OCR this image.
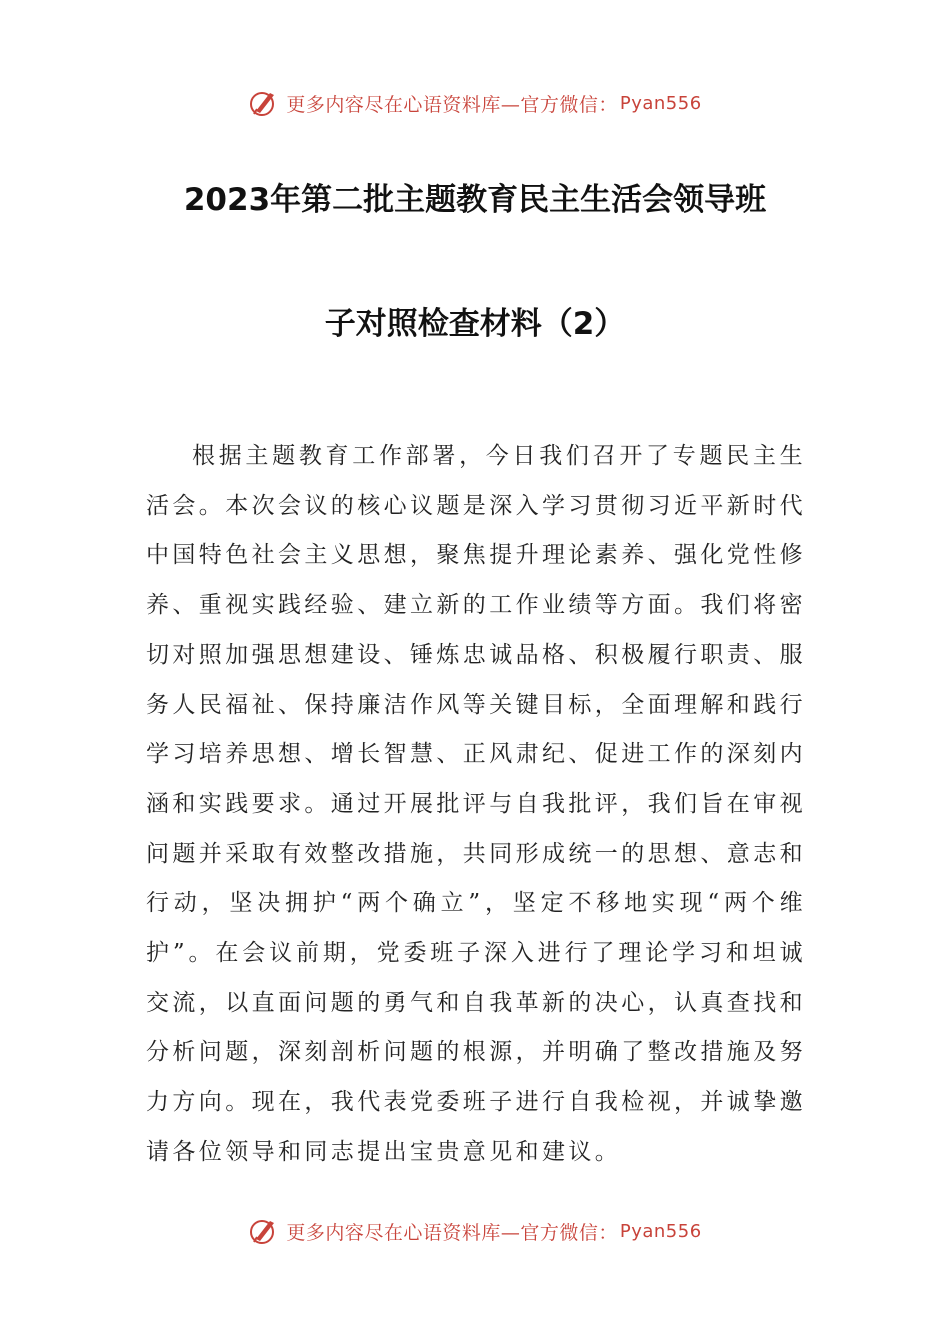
更多内容尽在心语资料库—官方微信： Pyan556
2023年第二批主题教育民主生活会领导班
子对照检查材料（2）

根据主题教育工作部署，今日我们召开了专题民主生活会。本次会议的核心议题是深入学习贯彻习近平新时代中国特色社会主义思想，聚焦提升理论素养、强化党性修养、重视实践经验、建立新的工作业绩等方面。我们将密切对照加强思想建设、锤炼忠诚品格、积极履行职责、服务人民福祉、保持廉洁作风等关键目标，全面理解和践行学习培养思想、增长智慧、正风肃纪、促进工作的深刻内涵和实践要求。通过开展批评与自我批评，我们旨在审视问题并采取有效整改措施，共同形成统一的思想、意志和行动，坚决拥护“两个确立”，坚定不移地实现“两个维护”。在会议前期，党委班子深入进行了理论学习和坦诚交流，以直面问题的勇气和自我革新的决心，认真查找和分析问题，深刻剖析问题的根源，并明确了整改措施及努力方向。现在，我代表党委班子进行自我检视，并诚挚邀请各位领导和同志提出宝贵意见和建议。

更多内容尽在心语资料库—官方微信： Pyan556
